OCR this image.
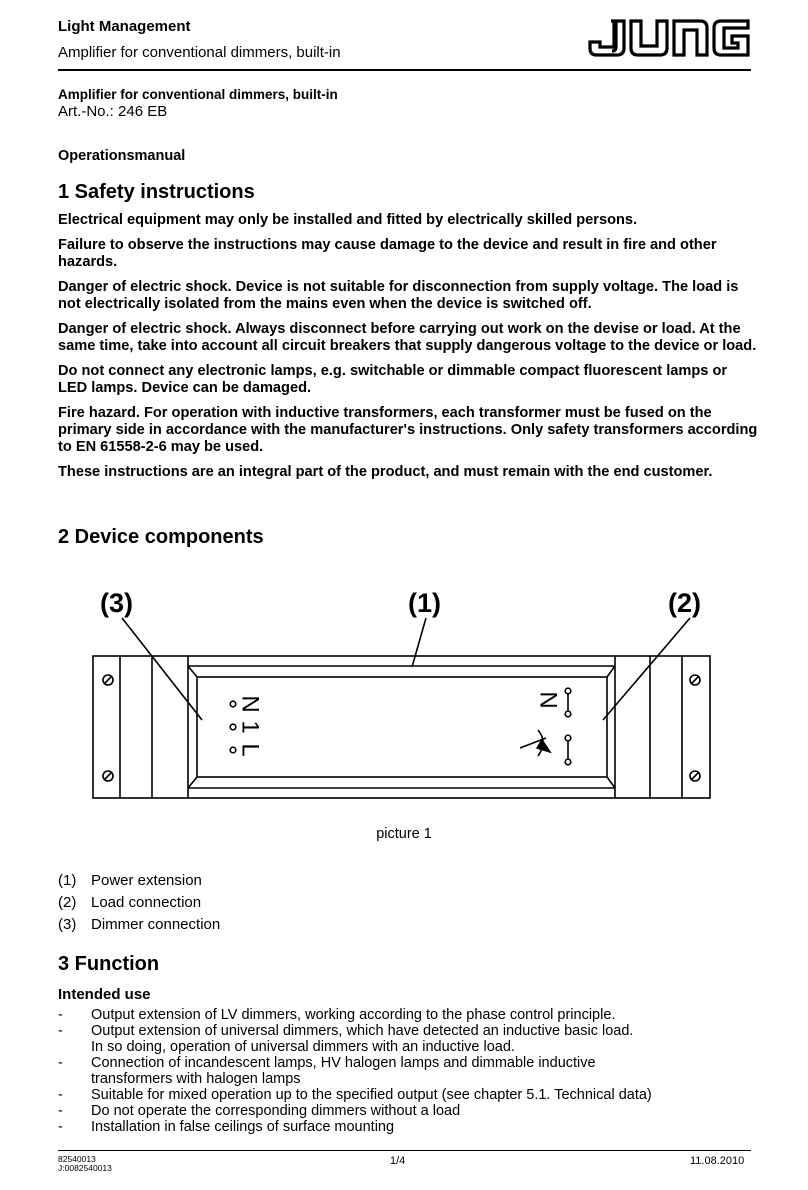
Light Management
Amplifier for conventional dimmers, built-in
Amplifier for conventional dimmers, built-in
Art.-No.: 246 EB
Operationsmanual
1 Safety instructions

Electrical equipment may only be installed and fitted by electrically skilled persons.

Failure to observe the instructions may cause damage to the device and result in fire and other hazards.

Danger of electric shock. Device is not suitable for disconnection from supply voltage. The load is not electrically isolated from the mains even when the device is switched off.

Danger of electric shock. Always disconnect before carrying out work on the devise or load. At the same time, take into account all circuit breakers that supply dangerous voltage to the device or load.

Do not connect any electronic lamps, e.g. switchable or dimmable compact fluorescent lamps or LED lamps. Device can be damaged.

Fire hazard. For operation with inductive transformers, each transformer must be fused on the primary side in accordance with the manufacturer's instructions. Only safety transformers according to EN 61558-2-6 may be used.

These instructions are an integral part of the product, and must remain with the end customer.

2 Device components
N
1
L
N
(3)	(1)	(2)
picture 1
(1) Power extension
(2) Load connection
(3) Dimmer connection
3 Function
Intended use
-	Output extension of LV dimmers, working according to the phase control principle.
-	Output extension of universal dimmers, which have detected an inductive basic load.
In so doing, operation of universal dimmers with an inductive load.
-	Connection of incandescent lamps, HV halogen lamps and dimmable inductive
transformers with halogen lamps
-	Suitable for mixed operation up to the specified output (see chapter 5.1. Technical data)
-	Do not operate the corresponding dimmers without a load
-	Installation in false ceilings of surface mounting
82540013
J:0082540013
1/4	11.08.2010
